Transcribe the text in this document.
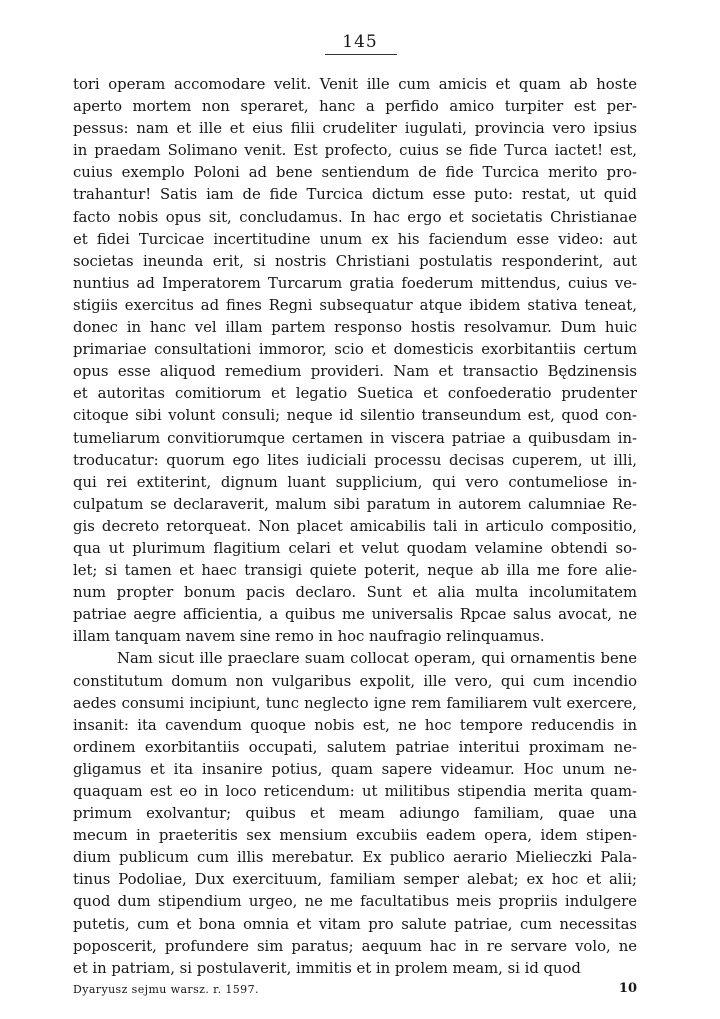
145
tori operam accomodare velit. Venit ille cum amicis et quam ab hoste
aperto mortem non speraret, hanc a perfido amico turpiter est per-
pessus: nam et ille et eius filii crudeliter iugulati, provincia vero ipsius
in praedam Solimano venit. Est profecto, cuius se fide Turca iactet! est,
cuius exemplo Poloni ad bene sentiendum de fide Turcica merito pro-
trahantur! Satis iam de fide Turcica dictum esse puto: restat, ut quid
facto nobis opus sit, concludamus. In hac ergo et societatis Christianae
et fidei Turcicae incertitudine unum ex his faciendum esse video: aut
societas ineunda erit, si nostris Christiani postulatis responderint, aut
nuntius ad Imperatorem Turcarum gratia foederum mittendus, cuius ve-
stigiis exercitus ad fines Regni subsequatur atque ibidem stativa teneat,
donec in hanc vel illam partem responso hostis resolvamur. Dum huic
primariae consultationi immoror, scio et domesticis exorbitantiis certum
opus esse aliquod remedium provideri. Nam et transactio Będzinensis
et autoritas comitiorum et legatio Suetica et confoederatio prudenter
citoque sibi volunt consuli; neque id silentio transeundum est, quod con-
tumeliarum convitiorumque certamen in viscera patriae a quibusdam in-
troducatur: quorum ego lites iudiciali processu decisas cuperem, ut illi,
qui rei extiterint, dignum luant supplicium, qui vero contumeliose in-
culpatum se declaraverit, malum sibi paratum in autorem calumniae Re-
gis decreto retorqueat. Non placet amicabilis tali in articulo compositio,
qua ut plurimum flagitium celari et velut quodam velamine obtendi so-
let; si tamen et haec transigi quiete poterit, neque ab illa me fore alie-
num propter bonum pacis declaro. Sunt et alia multa incolumitatem
patriae aegre afficientia, a quibus me universalis Rpcae salus avocat, ne
illam tanquam navem sine remo in hoc naufragio relinquamus.
Nam sicut ille praeclare suam collocat operam, qui ornamentis bene
constitutum domum non vulgaribus expolit, ille vero, qui cum incendio
aedes consumi incipiunt, tunc neglecto igne rem familiarem vult exercere,
insanit: ita cavendum quoque nobis est, ne hoc tempore reducendis in
ordinem exorbitantiis occupati, salutem patriae interitui proximam ne-
gligamus et ita insanire potius, quam sapere videamur. Hoc unum ne-
quaquam est eo in loco reticendum: ut militibus stipendia merita quam-
primum exolvantur; quibus et meam adiungo familiam, quae una
mecum in praeteritis sex mensium excubiis eadem opera, idem stipen-
dium publicum cum illis merebatur. Ex publico aerario Mielieczki Pala-
tinus Podoliae, Dux exercituum, familiam semper alebat; ex hoc et alii;
quod dum stipendium urgeo, ne me facultatibus meis propriis indulgere
putetis, cum et bona omnia et vitam pro salute patriae, cum necessitas
poposcerit, profundere sim paratus; aequum hac in re servare volo, ne
et in patriam, si postulaverit, immitis et in prolem meam, si id quod
Dyaryusz sejmu warsz. r. 1597.	10
